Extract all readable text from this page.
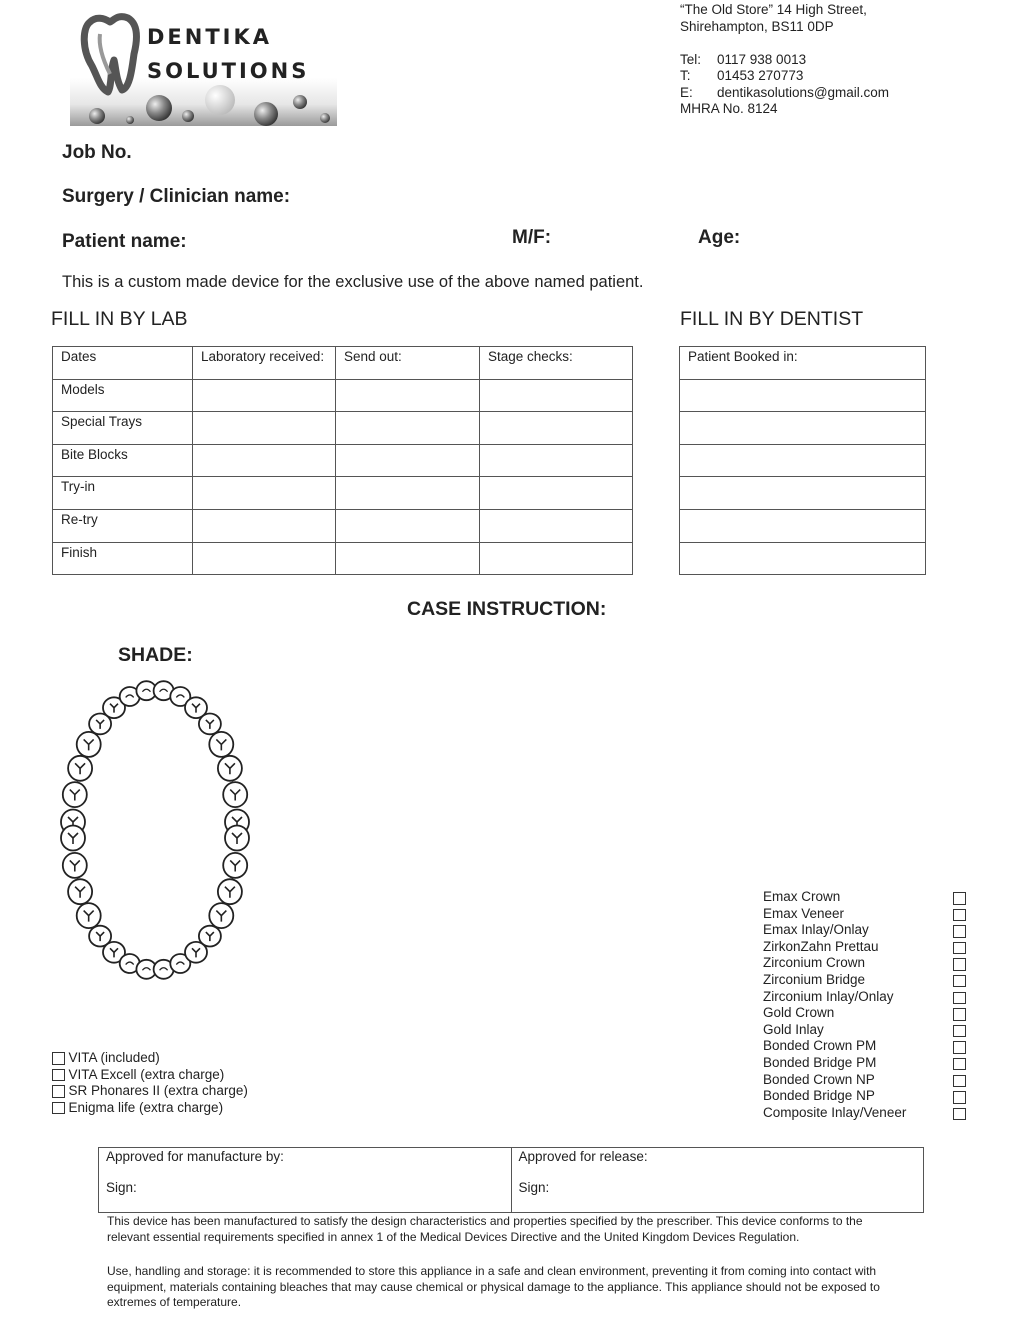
DENTIKA
SOLUTIONS
“The Old Store” 14 High Street,
Shirehampton, BS11 0DP
Tel:	0117 938 0013
T:	01453 270773
E:	dentikasolutions@gmail.com
MHRA No. 8124
Job No.
Surgery / Clinician name:
Patient name:	M/F:	Age:
This is a custom made device for the exclusive use of the above named patient.
FILL IN BY LAB
Dates	Laboratory received:	Send out:	Stage checks:
Models			
Special Trays			
Bite Blocks			
Try-in			
Re-try			
Finish			
FILL IN BY DENTIST
Patient Booked in:

CASE INSTRUCTION:
SHADE:
VITA (included)
VITA Excell (extra charge)
SR Phonares II (extra charge)
Enigma life (extra charge)
Emax Crown
Emax Veneer
Emax Inlay/Onlay
ZirkonZahn Prettau
Zirconium Crown
Zirconium Bridge
Zirconium Inlay/Onlay
Gold Crown
Gold Inlay
Bonded Crown PM
Bonded Bridge PM
Bonded Crown NP
Bonded Bridge NP
Composite Inlay/Veneer
Approved for manufacture by:
Sign:
Approved for release:
Sign:
This device has been manufactured to satisfy the design characteristics and properties specified by the prescriber. This device conforms to the
relevant essential requirements specified in annex 1 of the Medical Devices Directive and the United Kingdom Devices Regulation.
Use, handling and storage: it is recommended to store this appliance in a safe and clean environment, preventing it from coming into contact with
equipment, materials containing bleaches that may cause chemical or physical damage to the appliance. This appliance should not be exposed to
extremes of temperature.
